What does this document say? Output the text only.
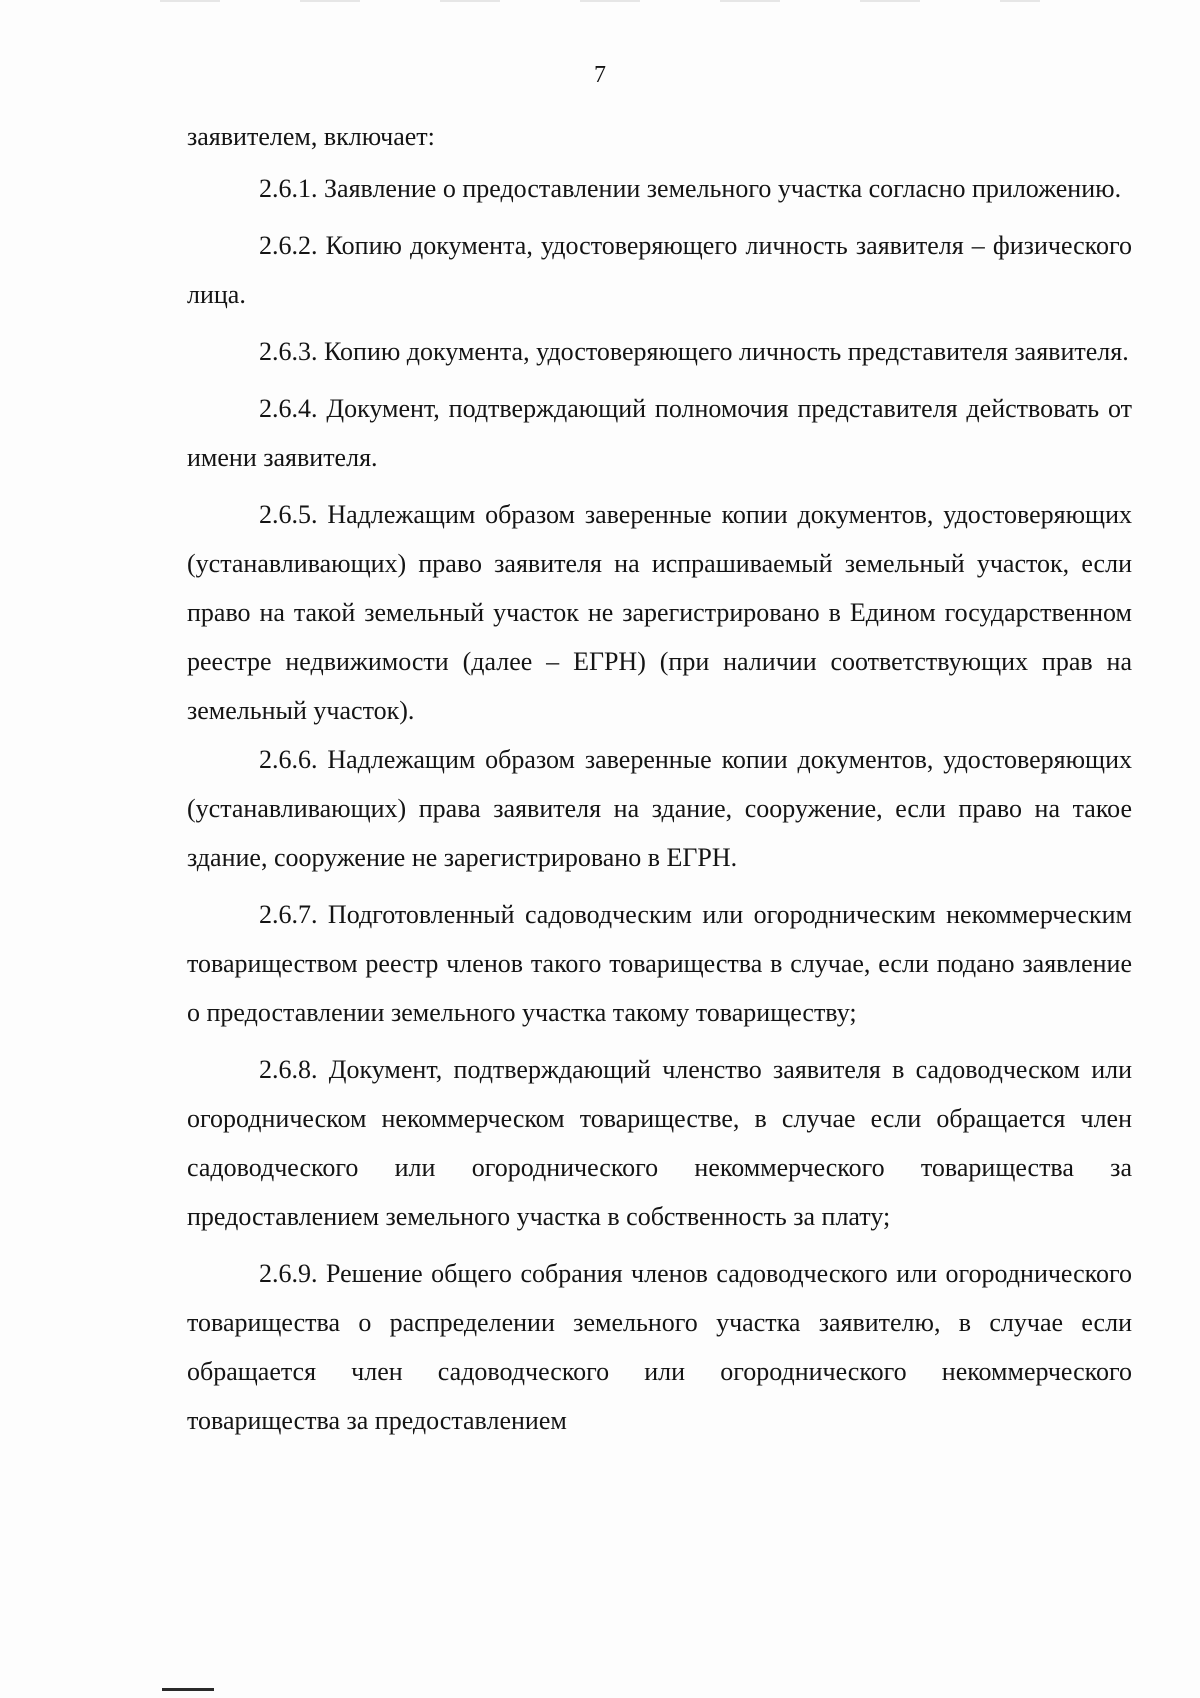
7

заявителем, включает:

2.6.1. Заявление о предоставлении земельного участка согласно приложению.

2.6.2. Копию документа, удостоверяющего личность заявителя – физического лица.

2.6.3. Копию документа, удостоверяющего личность представителя заявителя.

2.6.4. Документ, подтверждающий полномочия представителя действовать от имени заявителя.

2.6.5. Надлежащим образом заверенные копии документов, удостоверяющих (устанавливающих) право заявителя на испрашиваемый земельный участок, если право на такой земельный участок не зарегистрировано в Едином государственном реестре недвижимости (далее – ЕГРН) (при наличии соответствующих прав на земельный участок).

2.6.6. Надлежащим образом заверенные копии документов, удостоверяющих (устанавливающих) права заявителя на здание, сооружение, если право на такое здание, сооружение не зарегистрировано в ЕГРН.

2.6.7. Подготовленный садоводческим или огородническим некоммерческим товариществом реестр членов такого товарищества в случае, если подано заявление о предоставлении земельного участка такому товариществу;

2.6.8. Документ, подтверждающий членство заявителя в садоводческом или огородническом некоммерческом товариществе, в случае если обращается член садоводческого или огороднического некоммерческого товарищества за предоставлением земельного участка в собственность за плату;

2.6.9. Решение общего собрания членов садоводческого или огороднического товарищества о распределении земельного участка заявителю, в случае если обращается член садоводческого или огороднического некоммерческого товарищества за предоставлением
